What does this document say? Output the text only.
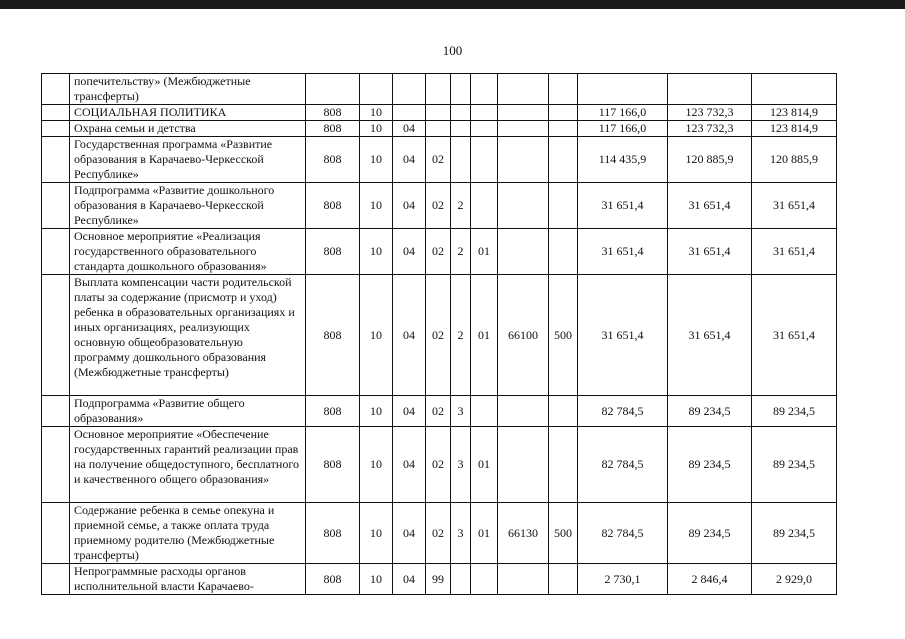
100
	попечительству» (Межбюджетные трансферты)											
	СОЦИАЛЬНАЯ ПОЛИТИКА	808	10							117 166,0	123 732,3	123 814,9
	Охрана семьи и детства	808	10	04						117 166,0	123 732,3	123 814,9
	Государственная программа «Развитие образования в Карачаево-Черкесской Республике»	808	10	04	02					114 435,9	120 885,9	120 885,9
	Подпрограмма «Развитие дошкольного образования в Карачаево-Черкесской Республике»	808	10	04	02	2				31 651,4	31 651,4	31 651,4
	Основное мероприятие «Реализация государственного образовательного стандарта дошкольного образования»	808	10	04	02	2	01			31 651,4	31 651,4	31 651,4
	Выплата компенсации части родительской платы за содержание (присмотр и уход) ребенка в образовательных организациях и иных организациях, реализующих основную общеобразовательную программу дошкольного образования (Межбюджетные трансферты)	808	10	04	02	2	01	66100	500	31 651,4	31 651,4	31 651,4
	Подпрограмма «Развитие общего образования»	808	10	04	02	3				82 784,5	89 234,5	89 234,5
	Основное мероприятие «Обеспечение государственных гарантий реализации прав на получение общедоступного, бесплатного и качественного общего образования»	808	10	04	02	3	01			82 784,5	89 234,5	89 234,5
	Содержание ребенка в семье опекуна и приемной семье, а также оплата труда приемному родителю (Межбюджетные трансферты)	808	10	04	02	3	01	66130	500	82 784,5	89 234,5	89 234,5
	Непрограммные расходы органов исполнительной власти Карачаево-	808	10	04	99					2 730,1	2 846,4	2 929,0
